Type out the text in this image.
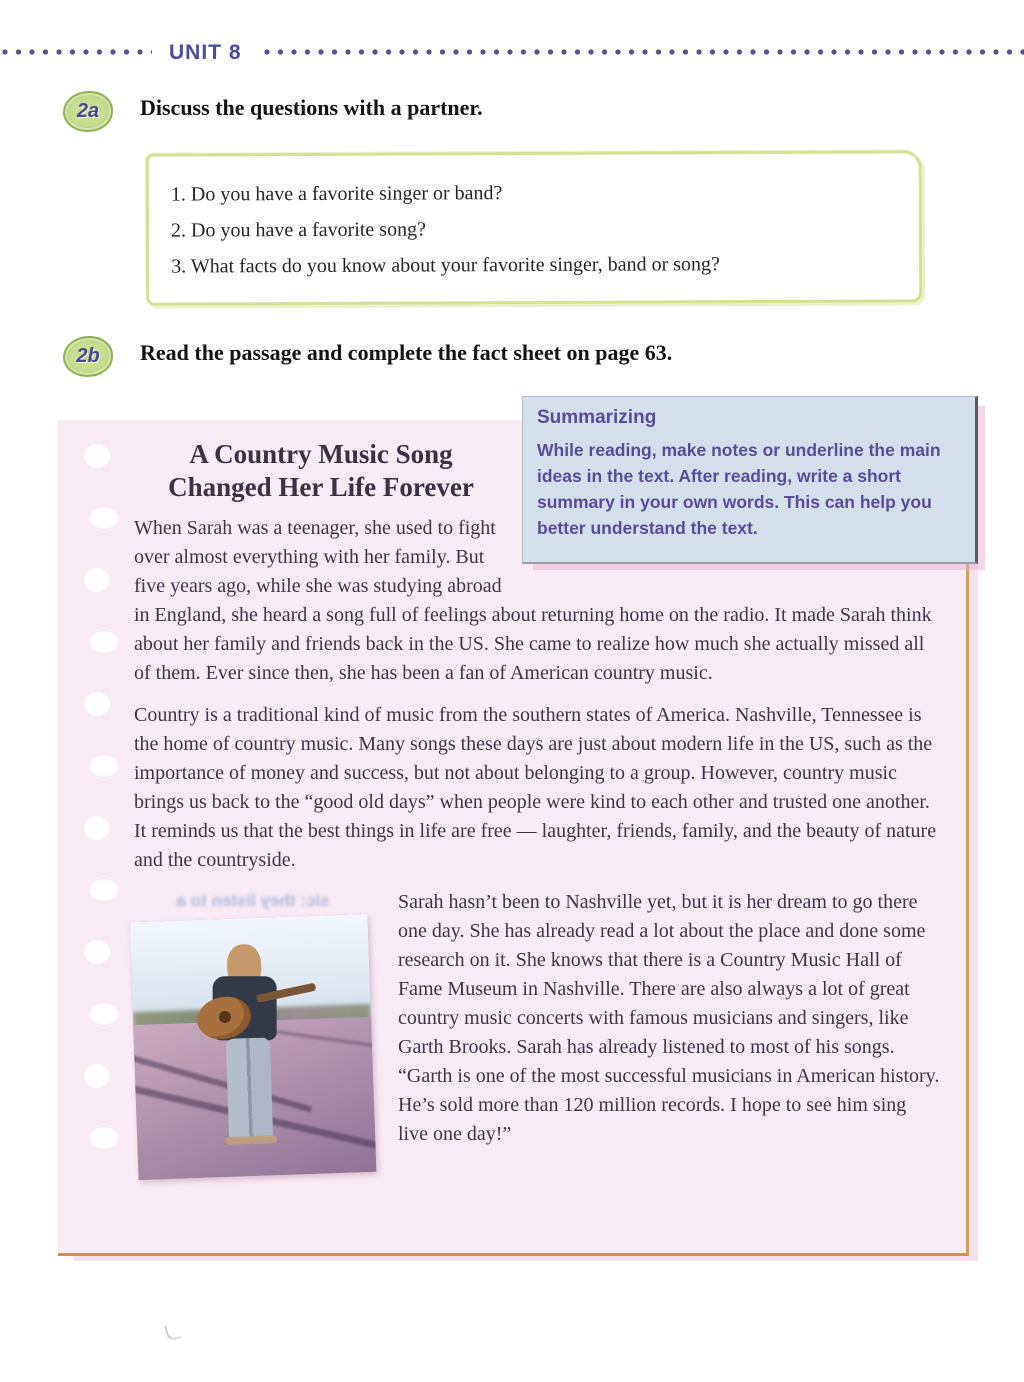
UNIT 8
2a	Discuss the questions with a partner.
1. Do you have a favorite singer or band?
2. Do you have a favorite song?
3. What facts do you know about your favorite singer, band or song?
2b	Read the passage and complete the fact sheet on page 63.
A Country Music Song
Changed Her Life Forever

When Sarah was a teenager, she used to fight over almost everything with her family. But five years ago, while she was studying abroad in England, she heard a song full of feelings about returning home on the radio. It made Sarah think about her family and friends back in the US. She came to realize how much she actually missed all of them. Ever since then, she has been a fan of American country music.

Country is a traditional kind of music from the southern states of America. Nashville, Tennessee is the home of country music. Many songs these days are just about modern life in the US, such as the importance of money and success, but not about belonging to a group. However, country music brings us back to the “good old days” when people were kind to each other and trusted one another. It reminds us that the best things in life are free — laughter, friends, family, and the beauty of nature and the countryside.

sic: they listen to a	Sarah hasn’t been to Nashville yet, but it is her dream to go there one day. She has already read a lot about the place and done some research on it. She knows that there is a Country Music Hall of Fame Museum in Nashville. There are also always a lot of great country music concerts with famous musicians and singers, like Garth Brooks. Sarah has already listened to most of his songs. “Garth is one of the most successful musicians in American history. He’s sold more than 120 million records. I hope to see him sing live one day!”

Summarizing
While reading, make notes or underline the main ideas in the text. After reading, write a short summary in your own words. This can help you better understand the text.
